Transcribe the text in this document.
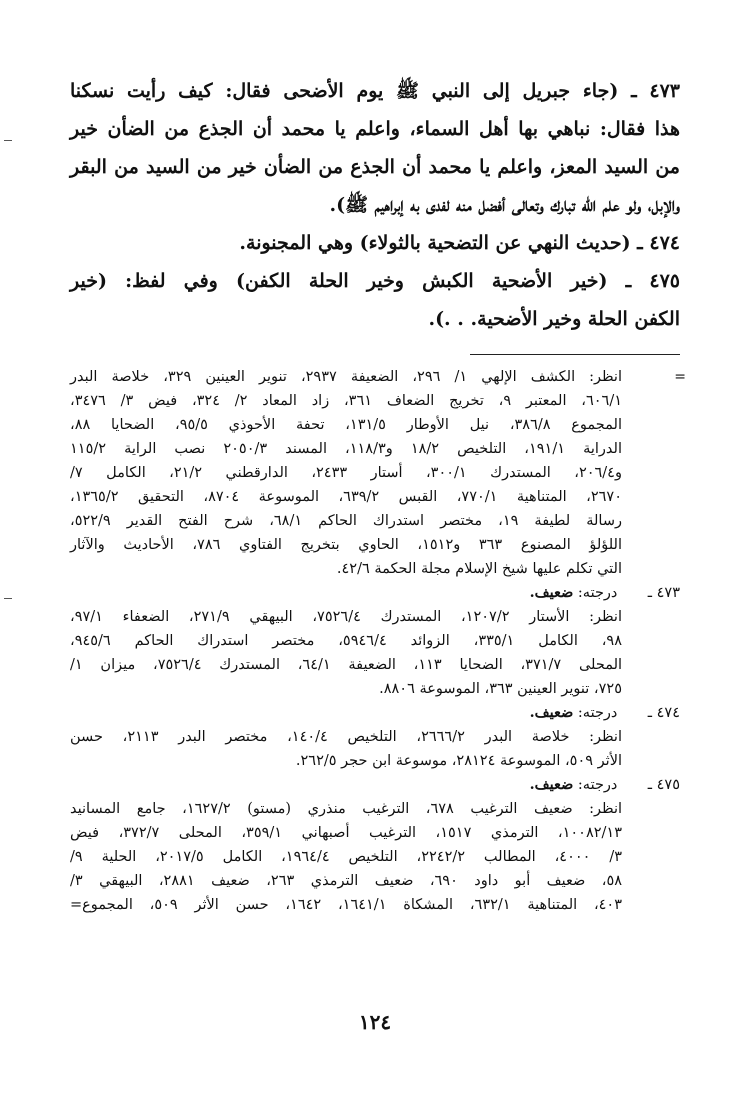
٤٧٣ ـ (جاء جبريل إلى النبي ﷺ يوم الأضحى فقال: كيف رأيت نسكنا
هذا فقال: نباهي بها أهل السماء، واعلم يا محمد أن الجذع من الضأن خير
من السيد المعز، واعلم يا محمد أن الجذع من الضأن خير من السيد من البقر
والإبل، ولو علم الله تبارك وتعالى أفضل منه لفدى به إبراهيم ﷺ).
٤٧٤ ـ (حديث النهي عن التضحية بالثولاء) وهي المجنونة.
٤٧٥ ـ (خير الأضحية الكبش وخير الحلة الكفن) وفي لفظ: (خير
الكفن الحلة وخير الأضحية. . .).
=
انظر: الكشف الإلهي ١/ ٢٩٦، الضعيفة ٢٩٣٧، تنوير العينين ٣٢٩، خلاصة البدر
٦٠٦/١، المعتبر ٩، تخريج الضعاف ٣٦١، زاد المعاد ٢/ ٣٢٤، فيض ٣/ ٣٤٧٦،
المجموع ٣٨٦/٨، نيل الأوطار ١٣١/٥، تحفة الأحوذي ٩٥/٥، الضحايا ٨٨،
الدراية ١٩١/١، التلخيص ١٨/٢ و١١٨/٣، المسند ٢٠٥٠/٣ نصب الراية ١١٥/٢
و٢٠٦/٤، المستدرك ٣٠٠/١، أستار ٢٤٣٣، الدارقطني ٢١/٢، الكامل ٧/
٢٦٧٠، المتناهية ٧٧٠/١، القبس ٦٣٩/٢، الموسوعة ٨٧٠٤، التحقيق ١٣٦٥/٢،
رسالة لطيفة ١٩، مختصر استدراك الحاكم ٦٨/١، شرح الفتح القدير ٥٢٢/٩،
اللؤلؤ المصنوع ٣٦٣ و١٥١٢، الحاوي بتخريج الفتاوي ٧٨٦، الأحاديث والآثار
التي تكلم عليها شيخ الإسلام مجلة الحكمة ٤٢/٦.
٤٧٣ ـ درجته: ضعيف.
انظر: الأستار ١٢٠٧/٢، المستدرك ٧٥٢٦/٤، البيهقي ٢٧١/٩، الضعفاء ٩٧/١،
٩٨، الكامل ٣٣٥/١، الزوائد ٥٩٤٦/٤، مختصر استدراك الحاكم ٩٤٥/٦،
المحلى ٣٧١/٧، الضحايا ١١٣، الضعيفة ٦٤/١، المستدرك ٧٥٢٦/٤، ميزان ١/
٧٢٥، تنوير العينين ٣٦٣، الموسوعة ٨٨٠٦.
٤٧٤ ـ درجته: ضعيف.
انظر: خلاصة البدر ٢٦٦٦/٢، التلخيص ١٤٠/٤، مختصر البدر ٢١١٣، حسن
الأثر ٥٠٩، الموسوعة ٢٨١٢٤، موسوعة ابن حجر ٢٦٢/٥.
٤٧٥ ـ درجته: ضعيف.
انظر: ضعيف الترغيب ٦٧٨، الترغيب منذري (مستو) ١٦٢٧/٢، جامع المسانيد
١٠٠٨٢/١٣، الترمذي ١٥١٧، الترغيب أصبهاني ٣٥٩/١، المحلى ٣٧٢/٧، فيض
٣/ ٤٠٠٠، المطالب ٢٢٤٢/٢، التلخيص ١٩٦٤/٤، الكامل ٢٠١٧/٥، الحلية ٩/
٥٨، ضعيف أبو داود ٦٩٠، ضعيف الترمذي ٢٦٣، ضعيف ٢٨٨١، البيهقي ٣/
٤٠٣، المتناهية ٦٣٢/١، المشكاة ١٦٤١/١، ١٦٤٢، حسن الأثر ٥٠٩، المجموع=
١٢٤
